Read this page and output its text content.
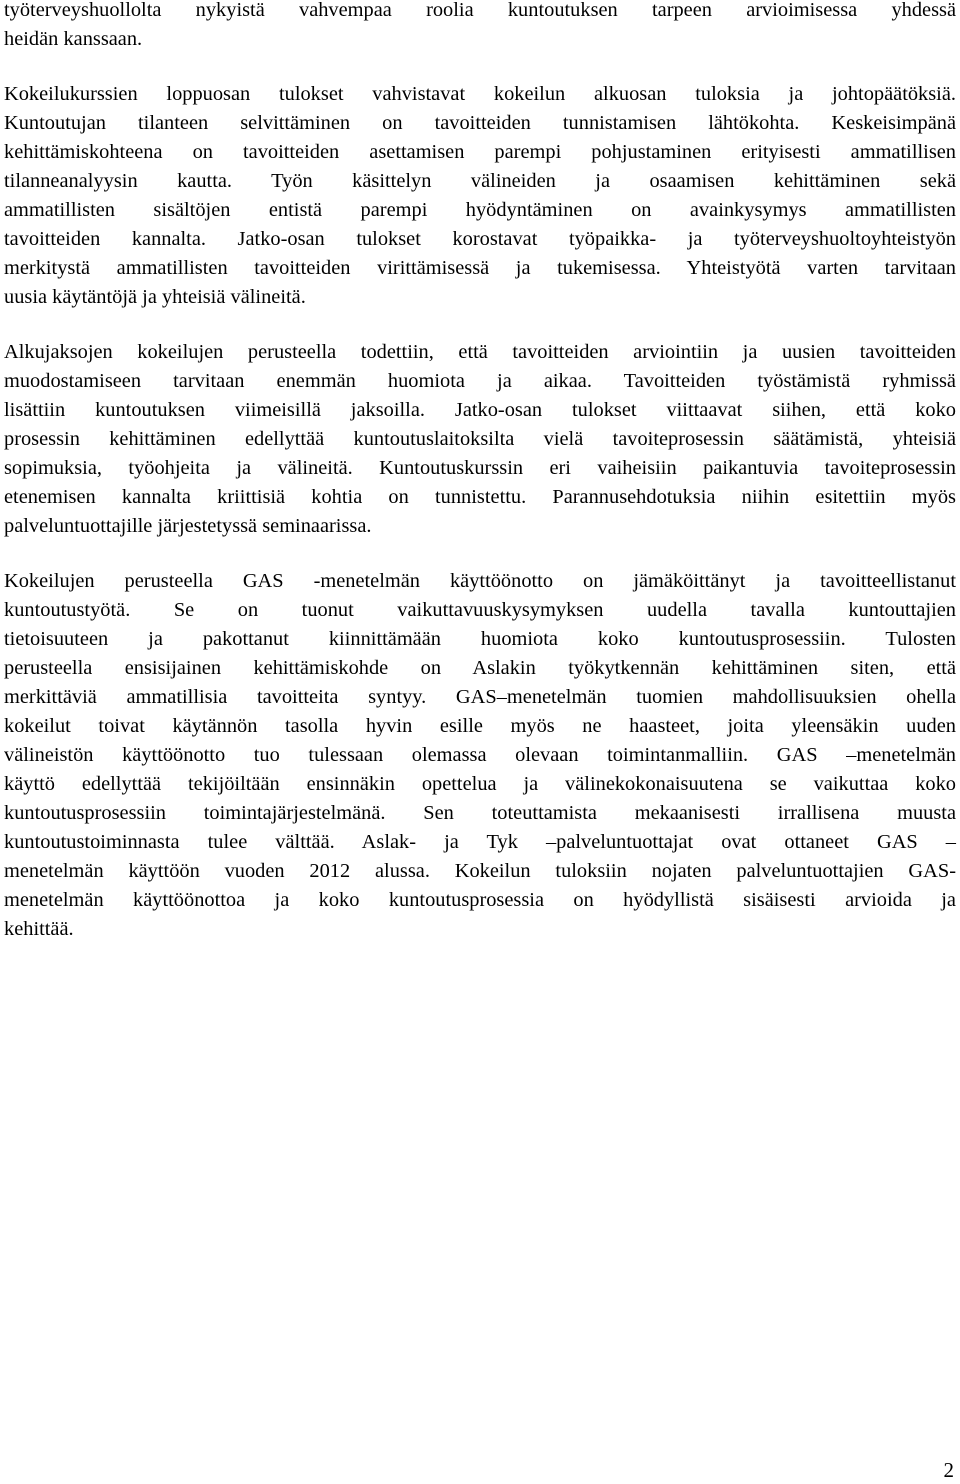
työterveyshuollolta nykyistä vahvempaa roolia kuntoutuksen tarpeen arvioimisessa yhdessä
heidän kanssaan.
Kokeilukurssien loppuosan tulokset vahvistavat kokeilun alkuosan tuloksia ja johtopäätöksiä.
Kuntoutujan tilanteen selvittäminen on tavoitteiden tunnistamisen lähtökohta. Keskeisimpänä
kehittämiskohteena on tavoitteiden asettamisen parempi pohjustaminen erityisesti ammatillisen
tilanneanalyysin kautta. Työn käsittelyn välineiden ja osaamisen kehittäminen sekä
ammatillisten sisältöjen entistä parempi hyödyntäminen on avainkysymys ammatillisten
tavoitteiden kannalta. Jatko-osan tulokset korostavat työpaikka- ja työterveyshuoltoyhteistyön
merkitystä ammatillisten tavoitteiden virittämisessä ja tukemisessa. Yhteistyötä varten tarvitaan
uusia käytäntöjä ja yhteisiä välineitä.
Alkujaksojen kokeilujen perusteella todettiin, että tavoitteiden arviointiin ja uusien tavoitteiden
muodostamiseen tarvitaan enemmän huomiota ja aikaa. Tavoitteiden työstämistä ryhmissä
lisättiin kuntoutuksen viimeisillä jaksoilla. Jatko-osan tulokset viittaavat siihen, että koko
prosessin kehittäminen edellyttää kuntoutuslaitoksilta vielä tavoiteprosessin säätämistä, yhteisiä
sopimuksia, työohjeita ja välineitä. Kuntoutuskurssin eri vaiheisiin paikantuvia tavoiteprosessin
etenemisen kannalta kriittisiä kohtia on tunnistettu. Parannusehdotuksia niihin esitettiin myös
palveluntuottajille järjestetyssä seminaarissa.
Kokeilujen perusteella GAS -menetelmän käyttöönotto on jämäköittänyt ja tavoitteellistanut
kuntoutustyötä. Se on tuonut vaikuttavuuskysymyksen uudella tavalla kuntouttajien
tietoisuuteen ja pakottanut kiinnittämään huomiota koko kuntoutusprosessiin. Tulosten
perusteella ensisijainen kehittämiskohde on Aslakin työkytkennän kehittäminen siten, että
merkittäviä ammatillisia tavoitteita syntyy. GAS–menetelmän tuomien mahdollisuuksien ohella
kokeilut toivat käytännön tasolla hyvin esille myös ne haasteet, joita yleensäkin uuden
välineistön käyttöönotto tuo tulessaan olemassa olevaan toimintanmalliin. GAS –menetelmän
käyttö edellyttää tekijöiltään ensinnäkin opettelua ja välinekokonaisuutena se vaikuttaa koko
kuntoutusprosessiin toimintajärjestelmänä. Sen toteuttamista mekaanisesti irrallisena muusta
kuntoutustoiminnasta tulee välttää. Aslak- ja Tyk –palveluntuottajat ovat ottaneet GAS –
menetelmän käyttöön vuoden 2012 alussa. Kokeilun tuloksiin nojaten palveluntuottajien GAS-
menetelmän käyttöönottoa ja koko kuntoutusprosessia on hyödyllistä sisäisesti arvioida ja
kehittää.
2
